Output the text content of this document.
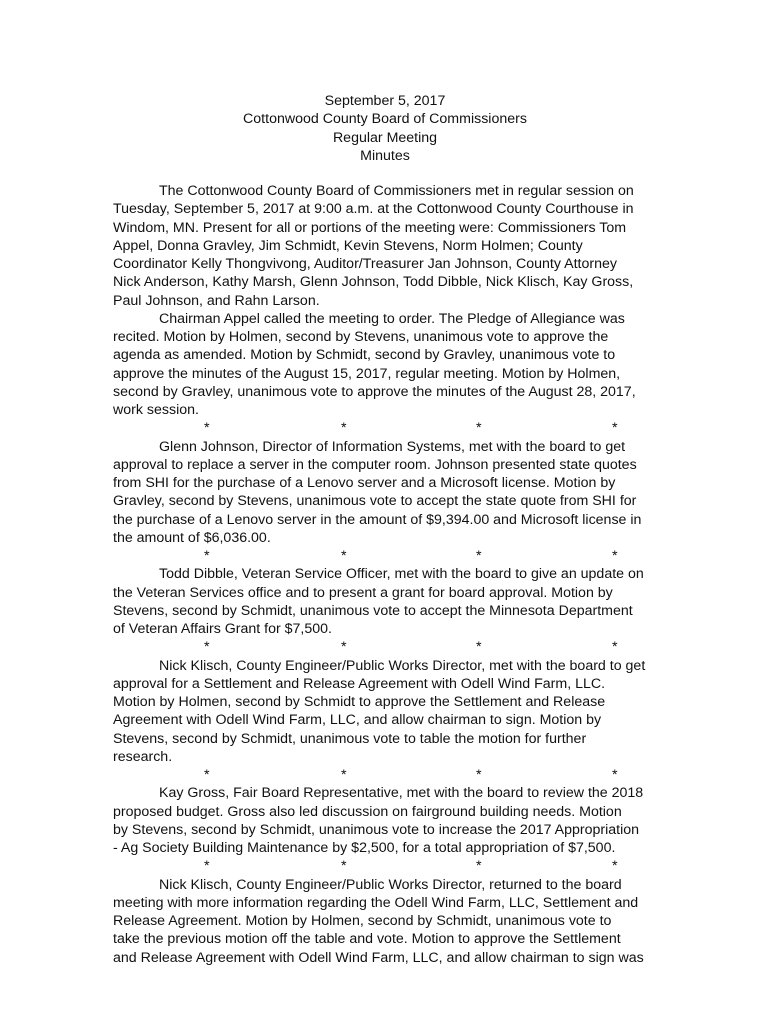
September 5, 2017
Cottonwood County Board of Commissioners
Regular Meeting
Minutes
The Cottonwood County Board of Commissioners met in regular session on
Tuesday, September 5, 2017 at 9:00 a.m. at the Cottonwood County Courthouse in
Windom, MN. Present for all or portions of the meeting were: Commissioners Tom
Appel, Donna Gravley, Jim Schmidt, Kevin Stevens, Norm Holmen; County
Coordinator Kelly Thongvivong, Auditor/Treasurer Jan Johnson, County Attorney
Nick Anderson, Kathy Marsh, Glenn Johnson, Todd Dibble, Nick Klisch, Kay Gross,
Paul Johnson, and Rahn Larson.
Chairman Appel called the meeting to order. The Pledge of Allegiance was
recited. Motion by Holmen, second by Stevens, unanimous vote to approve the
agenda as amended. Motion by Schmidt, second by Gravley, unanimous vote to
approve the minutes of the August 15, 2017, regular meeting. Motion by Holmen,
second by Gravley, unanimous vote to approve the minutes of the August 28, 2017,
work session.
*	*	*	*
Glenn Johnson, Director of Information Systems, met with the board to get
approval to replace a server in the computer room. Johnson presented state quotes
from SHI for the purchase of a Lenovo server and a Microsoft license. Motion by
Gravley, second by Stevens, unanimous vote to accept the state quote from SHI for
the purchase of a Lenovo server in the amount of $9,394.00 and Microsoft license in
the amount of $6,036.00.
*	*	*	*
Todd Dibble, Veteran Service Officer, met with the board to give an update on
the Veteran Services office and to present a grant for board approval. Motion by
Stevens, second by Schmidt, unanimous vote to accept the Minnesota Department
of Veteran Affairs Grant for $7,500.
*	*	*	*
Nick Klisch, County Engineer/Public Works Director, met with the board to get
approval for a Settlement and Release Agreement with Odell Wind Farm, LLC.
Motion by Holmen, second by Schmidt to approve the Settlement and Release
Agreement with Odell Wind Farm, LLC, and allow chairman to sign. Motion by
Stevens, second by Schmidt, unanimous vote to table the motion for further
research.
*	*	*	*
Kay Gross, Fair Board Representative, met with the board to review the 2018
proposed budget. Gross also led discussion on fairground building needs. Motion
by Stevens, second by Schmidt, unanimous vote to increase the 2017 Appropriation
- Ag Society Building Maintenance by $2,500, for a total appropriation of $7,500.
*	*	*	*
Nick Klisch, County Engineer/Public Works Director, returned to the board
meeting with more information regarding the Odell Wind Farm, LLC, Settlement and
Release Agreement. Motion by Holmen, second by Schmidt, unanimous vote to
take the previous motion off the table and vote. Motion to approve the Settlement
and Release Agreement with Odell Wind Farm, LLC, and allow chairman to sign was
